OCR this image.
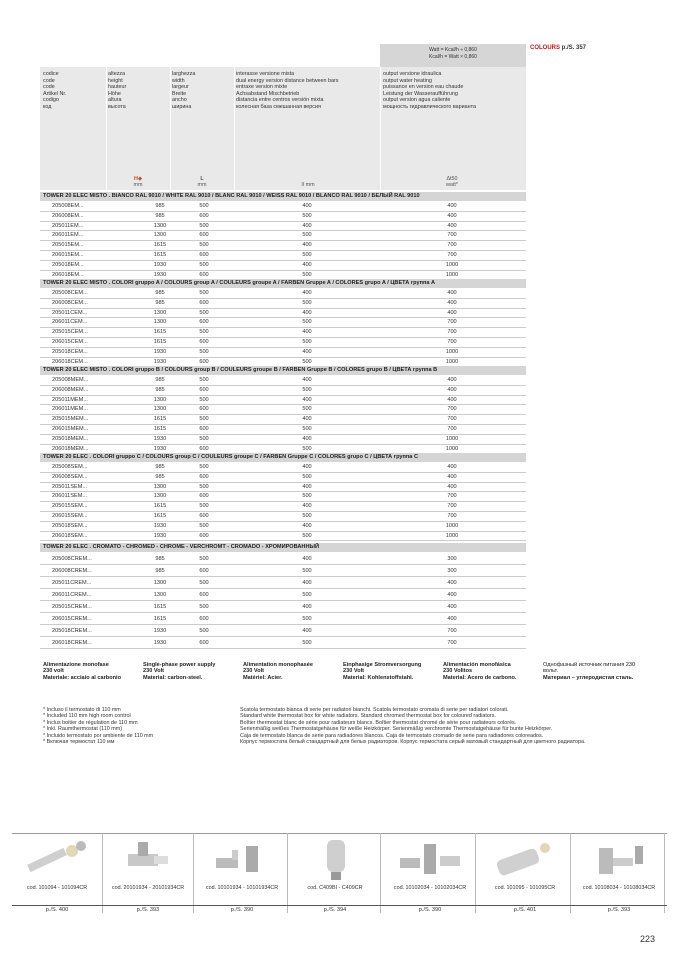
Watt = Kcal/h ÷ 0,860
Kcal/h = Watt × 0,860
COLOURS p./S. 357
codice
code
code
Artikel Nr.
codigo
код
altezza
height
hauteur
Höhe
altura
высота
larghezza
width
largeur
Breite
ancho
ширина
interasse versione mista
dual energy version distance between bars
entraxe version mixte
Achsabstand Mischbetrieb
distancia entre centros versión mixta
колесная база смешанная версия
output versione idraulica
output water heating
puissance en version eau chaude
Leistung der Wasseraufführung
output version agua caliente
мощность гидравлического варианта
H◆
mm
L
mm	Il mm
Δt50
watt*
TOWER 20 ELEC MISTO . BIANCO RAL 9010 / WHITE RAL 9010 / BLANC RAL 9010 / WEISS RAL 9010 / BLANCO RAL 9010 / БЕЛЫЙ RAL 9010
205008EM...	985	500	400	400
206008EM...	985	600	500	400
205011EM...	1300	500	400	400
206011EM...	1300	600	500	700
205015EM...	1615	500	400	700
206015EM...	1615	600	500	700
205018EM...	1930	500	400	1000
206018EM...	1930	600	500	1000
TOWER 20 ELEC MISTO . COLORI gruppo A / COLOURS group A / COULEURS groupe A / FARBEN Gruppe A / COLORES grupo A / ЦВЕТА группа A
205008CEM...	985	500	400	400
206008CEM...	985	600	500	400
205011CEM...	1300	500	400	400
206011CEM...	1300	600	500	700
205015CEM...	1615	500	400	700
206015CEM...	1615	600	500	700
205018CEM...	1930	500	400	1000
206018CEM...	1930	600	500	1000
TOWER 20 ELEC MISTO . COLORI gruppo B / COLOURS group B / COULEURS groupe B / FARBEN Gruppe B / COLORES grupo B / ЦВЕТА группа B
205008MEM...	985	500	400	400
206008MEM...	985	600	500	400
205011MEM...	1300	500	400	400
206011MEM...	1300	600	500	700
205015MEM...	1615	500	400	700
206015MEM...	1615	600	500	700
205018MEM...	1930	500	400	1000
206018MEM...	1930	600	500	1000
TOWER 20 ELEC . COLORI gruppo C / COLOURS group C / COULEURS groupe C / FARBEN Gruppe C / COLORES grupo C / ЦВЕТА группа C
205008SEM...	985	500	400	400
206008SEM...	985	600	500	400
205011SEM...	1300	500	400	400
206011SEM...	1300	600	500	700
205015SEM...	1615	500	400	700
206015SEM...	1615	600	500	700
205018SEM...	1930	500	400	1000
206018SEM...	1930	600	500	1000
TOWER 20 ELEC . CROMATO - CHROMED - CHROME - VERCHROMT - CROMADO - ХРОМИРОВАННЫЙ
205008CREM...	985	500	400	300
206008CREM...	985	600	500	300
205011CREM...	1300	500	400	400
206011CREM...	1300	600	500	400
205015CREM...	1615	500	400	400
206015CREM...	1615	600	500	400
205018CREM...	1930	500	400	700
206018CREM...	1930	600	500	700
Alimentazione monofase
230 volt
Materiale: acciaio al carbonio
Single-phase power supply
230 Volt
Material: carbon-steel.
Alimentation monophasée
230 Volt
Matériel: Acier.
Einphasige Stromversorgung
230 Volt
Material: Kohlenstoffstahl.
Alimentación monofásica
230 Volitos
Material: Acero de carbono.
Однофазный источник питания 230 вольт.
Материал – углеродистая сталь.
* Incluso il termostato di 110 mm
* Included 110 mm high room control
* Inclus boitier de régulation de 110 mm
* Inkl. Raumthermostat (110 mm)
* Incluido termostato por ambiente de 110 mm
* Включая термостат 110 мм
Scatola termostato bianca di serie per radiatori bianchi. Scatola termostato cromata di serie per radiatori colorati.
Standard white thermostat box for white radiators. Standard chromed thermostat box for coloured radiators.
Boîtier thermostat blanc de série pour radiateurs blancs. Boîtier thermostat chromé de série pour radiateurs colorés.
Serienmäßig weißes Thermostatgehäuse für weiße Heizkörper. Serienmäßig verchromte Thermostatgehäuse für bunte Heizkörper.
Caja de termostato blanca de serie para radiadores blancos. Caja de termostato cromado de serie para radiadores coloreados.
Корпус термостата белый стандартный для белых радиаторов. Корпус термостата серый матовый стандартный для цветного радиатора.
cod. 101094 - 101094CR
p./S. 400
cod. 20101934 - 20101934CR
p./S. 393
cod. 10101934 - 10101934CR
p./S. 390
cod. C409BI - C409CR
p./S. 394
cod. 10102034 - 10102034CR
p./S. 390
cod. 101095 - 101095CR
p./S. 401
cod. 10108034 - 10108034CR
p./S. 393
223
